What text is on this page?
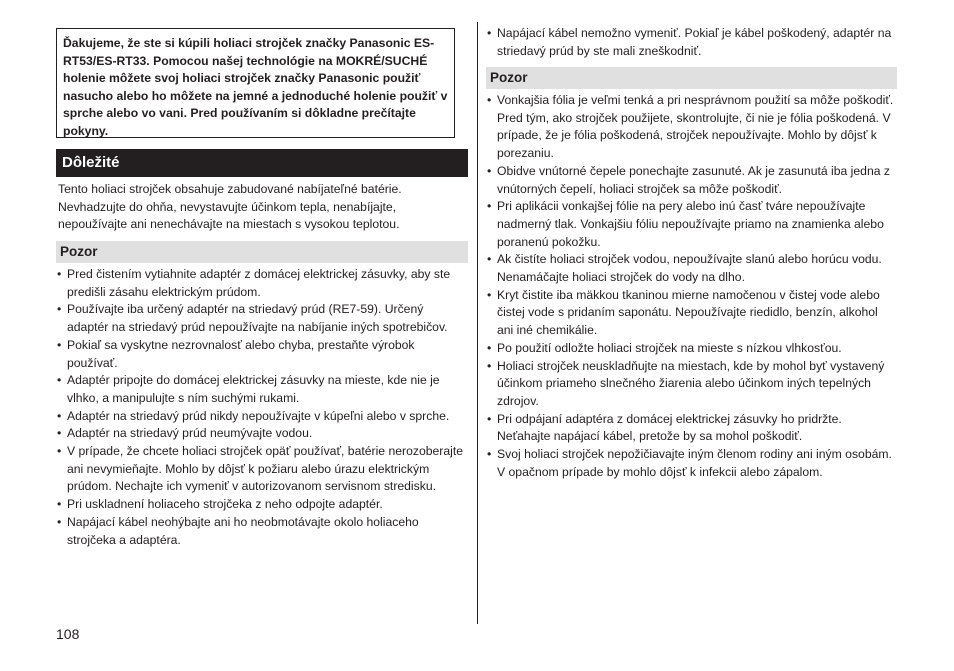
Ďakujeme, že ste si kúpili holiaci strojček značky Panasonic ES-RT53/ES-RT33. Pomocou našej technológie na MOKRÉ/SUCHÉ holenie môžete svoj holiaci strojček značky Panasonic použiť nasucho alebo ho môžete na jemné a jednoduché holenie použiť v sprche alebo vo vani. Pred používaním si dôkladne prečítajte pokyny.
Dôležité
Tento holiaci strojček obsahuje zabudované nabíjateľné batérie. Nevhadzujte do ohňa, nevystavujte účinkom tepla, nenabíjajte, nepoužívajte ani nenechávajte na miestach s vysokou teplotou.
Pozor
• Pred čistením vytiahnite adaptér z domácej elektrickej zásuvky, aby ste predišli zásahu elektrickým prúdom.
• Používajte iba určený adaptér na striedavý prúd (RE7-59). Určený adaptér na striedavý prúd nepoužívajte na nabíjanie iných spotrebičov.
• Pokiaľ sa vyskytne nezrovnalosť alebo chyba, prestaňte výrobok používať.
• Adaptér pripojte do domácej elektrickej zásuvky na mieste, kde nie je vlhko, a manipulujte s ním suchými rukami.
• Adaptér na striedavý prúd nikdy nepoužívajte v kúpeľni alebo v sprche.
• Adaptér na striedavý prúd neumývajte vodou.
• V prípade, že chcete holiaci strojček opäť používať, batérie nerozoberajte ani nevymieňajte. Mohlo by dôjsť k požiaru alebo úrazu elektrickým prúdom. Nechajte ich vymeniť v autorizovanom servisnom stredisku.
• Pri uskladnení holiaceho strojčeka z neho odpojte adaptér.
• Napájací kábel neohýbajte ani ho neobmotávajte okolo holiaceho strojčeka a adaptéra.
• Napájací kábel nemožno vymeniť. Pokiaľ je kábel poškodený, adaptér na striedavý prúd by ste mali zneškodniť.
Pozor
• Vonkajšia fólia je veľmi tenká a pri nesprávnom použití sa môže poškodiť. Pred tým, ako strojček použijete, skontrolujte, či nie je fólia poškodená. V prípade, že je fólia poškodená, strojček nepoužívajte. Mohlo by dôjsť k porezaniu.
• Obidve vnútorné čepele ponechajte zasunuté. Ak je zasunutá iba jedna z vnútorných čepelí, holiaci strojček sa môže poškodiť.
• Pri aplikácii vonkajšej fólie na pery alebo inú časť tváre nepoužívajte nadmerný tlak. Vonkajšiu fóliu nepoužívajte priamo na znamienka alebo poranenú pokožku.
• Ak čistíte holiaci strojček vodou, nepoužívajte slanú alebo horúcu vodu. Nenamáčajte holiaci strojček do vody na dlho.
• Kryt čistite iba mäkkou tkaninou mierne namočenou v čistej vode alebo čistej vode s pridaním saponátu. Nepoužívajte riedidlo, benzín, alkohol ani iné chemikálie.
• Po použití odložte holiaci strojček na mieste s nízkou vlhkosťou.
• Holiaci strojček neuskladňujte na miestach, kde by mohol byť vystavený účinkom priameho slnečného žiarenia alebo účinkom iných tepelných zdrojov.
• Pri odpájaní adaptéra z domácej elektrickej zásuvky ho pridržte. Neťahajte napájací kábel, pretože by sa mohol poškodiť.
• Svoj holiaci strojček nepožičiavajte iným členom rodiny ani iným osobám. V opačnom prípade by mohlo dôjsť k infekcii alebo zápalom.
108
